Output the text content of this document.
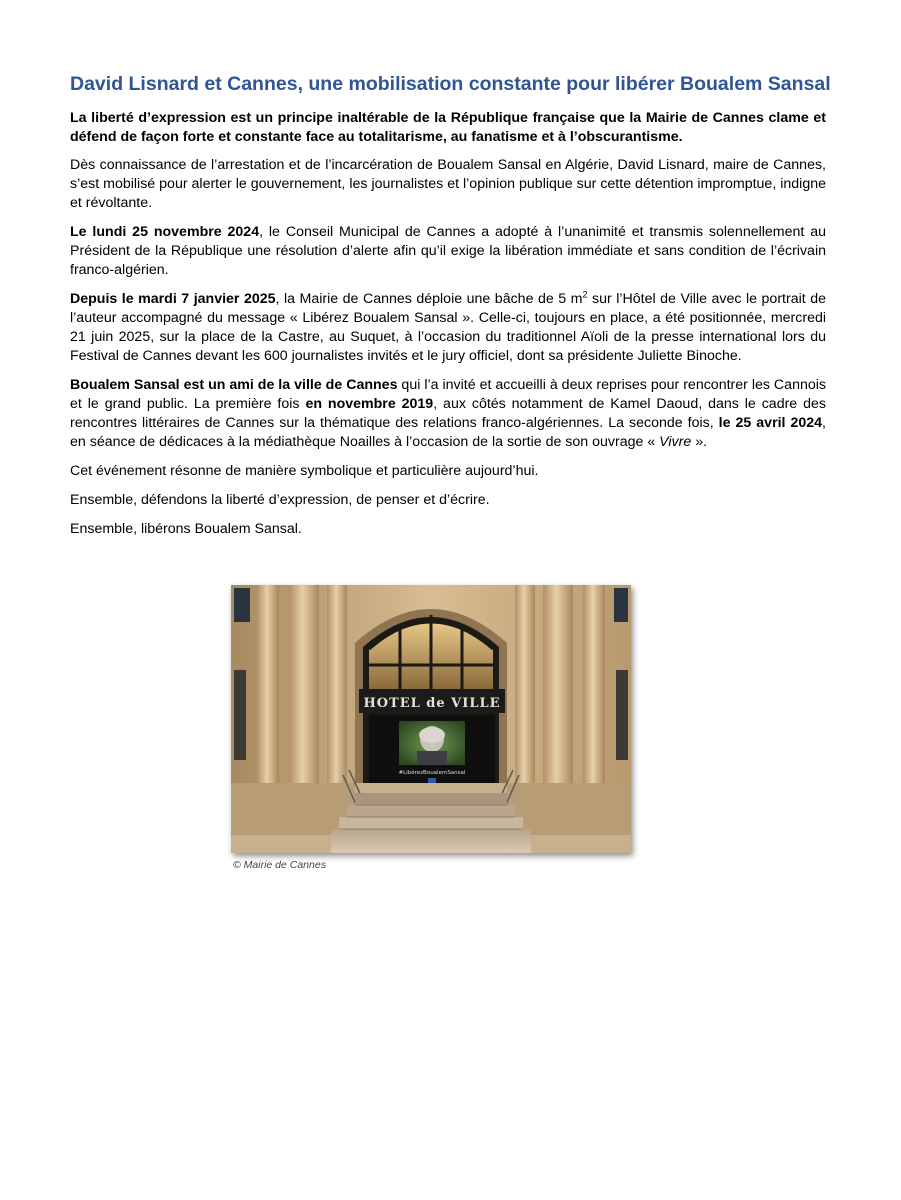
David Lisnard et Cannes, une mobilisation constante pour libérer Boualem Sansal

La liberté d’expression est un principe inaltérable de la République française que la Mairie de Cannes clame et défend de façon forte et constante face au totalitarisme, au fanatisme et à l’obscurantisme.

Dès connaissance de l’arrestation et de l’incarcération de Boualem Sansal en Algérie, David Lisnard, maire de Cannes, s’est mobilisé pour alerter le gouvernement, les journalistes et l’opinion publique sur cette détention impromptue, indigne et révoltante.

Le lundi 25 novembre 2024, le Conseil Municipal de Cannes a adopté à l’unanimité et transmis solennellement au Président de la République une résolution d’alerte afin qu’il exige la libération immédiate et sans condition de l’écrivain franco-algérien.

Depuis le mardi 7 janvier 2025, la Mairie de Cannes déploie une bâche de 5 $m^2$ sur l’Hôtel de Ville avec le portrait de l’auteur accompagné du message « Libérez Boualem Sansal ». Celle-ci, toujours en place, a été positionnée, mercredi 21 juin 2025, sur la place de la Castre, au Suquet, à l’occasion du traditionnel Aïoli de la presse international lors du Festival de Cannes devant les 600 journalistes invités et le jury officiel, dont sa présidente Juliette Binoche.

Boualem Sansal est un ami de la ville de Cannes qui l’a invité et accueilli à deux reprises pour rencontrer les Cannois et le grand public. La première fois en novembre 2019, aux côtés notamment de Kamel Daoud, dans le cadre des rencontres littéraires de Cannes sur la thématique des relations franco-algériennes. La seconde fois, le 25 avril 2024, en séance de dédicaces à la médiathèque Noailles à l’occasion de la sortie de son ouvrage « Vivre ».

Cet événement résonne de manière symbolique et particulière aujourd’hui.

Ensemble, défendons la liberté d’expression, de penser et d’écrire.

Ensemble, libérons Boualem Sansal.

HOTEL de VILLE
#LibérezBoualemSansal
© Mairie de Cannes
